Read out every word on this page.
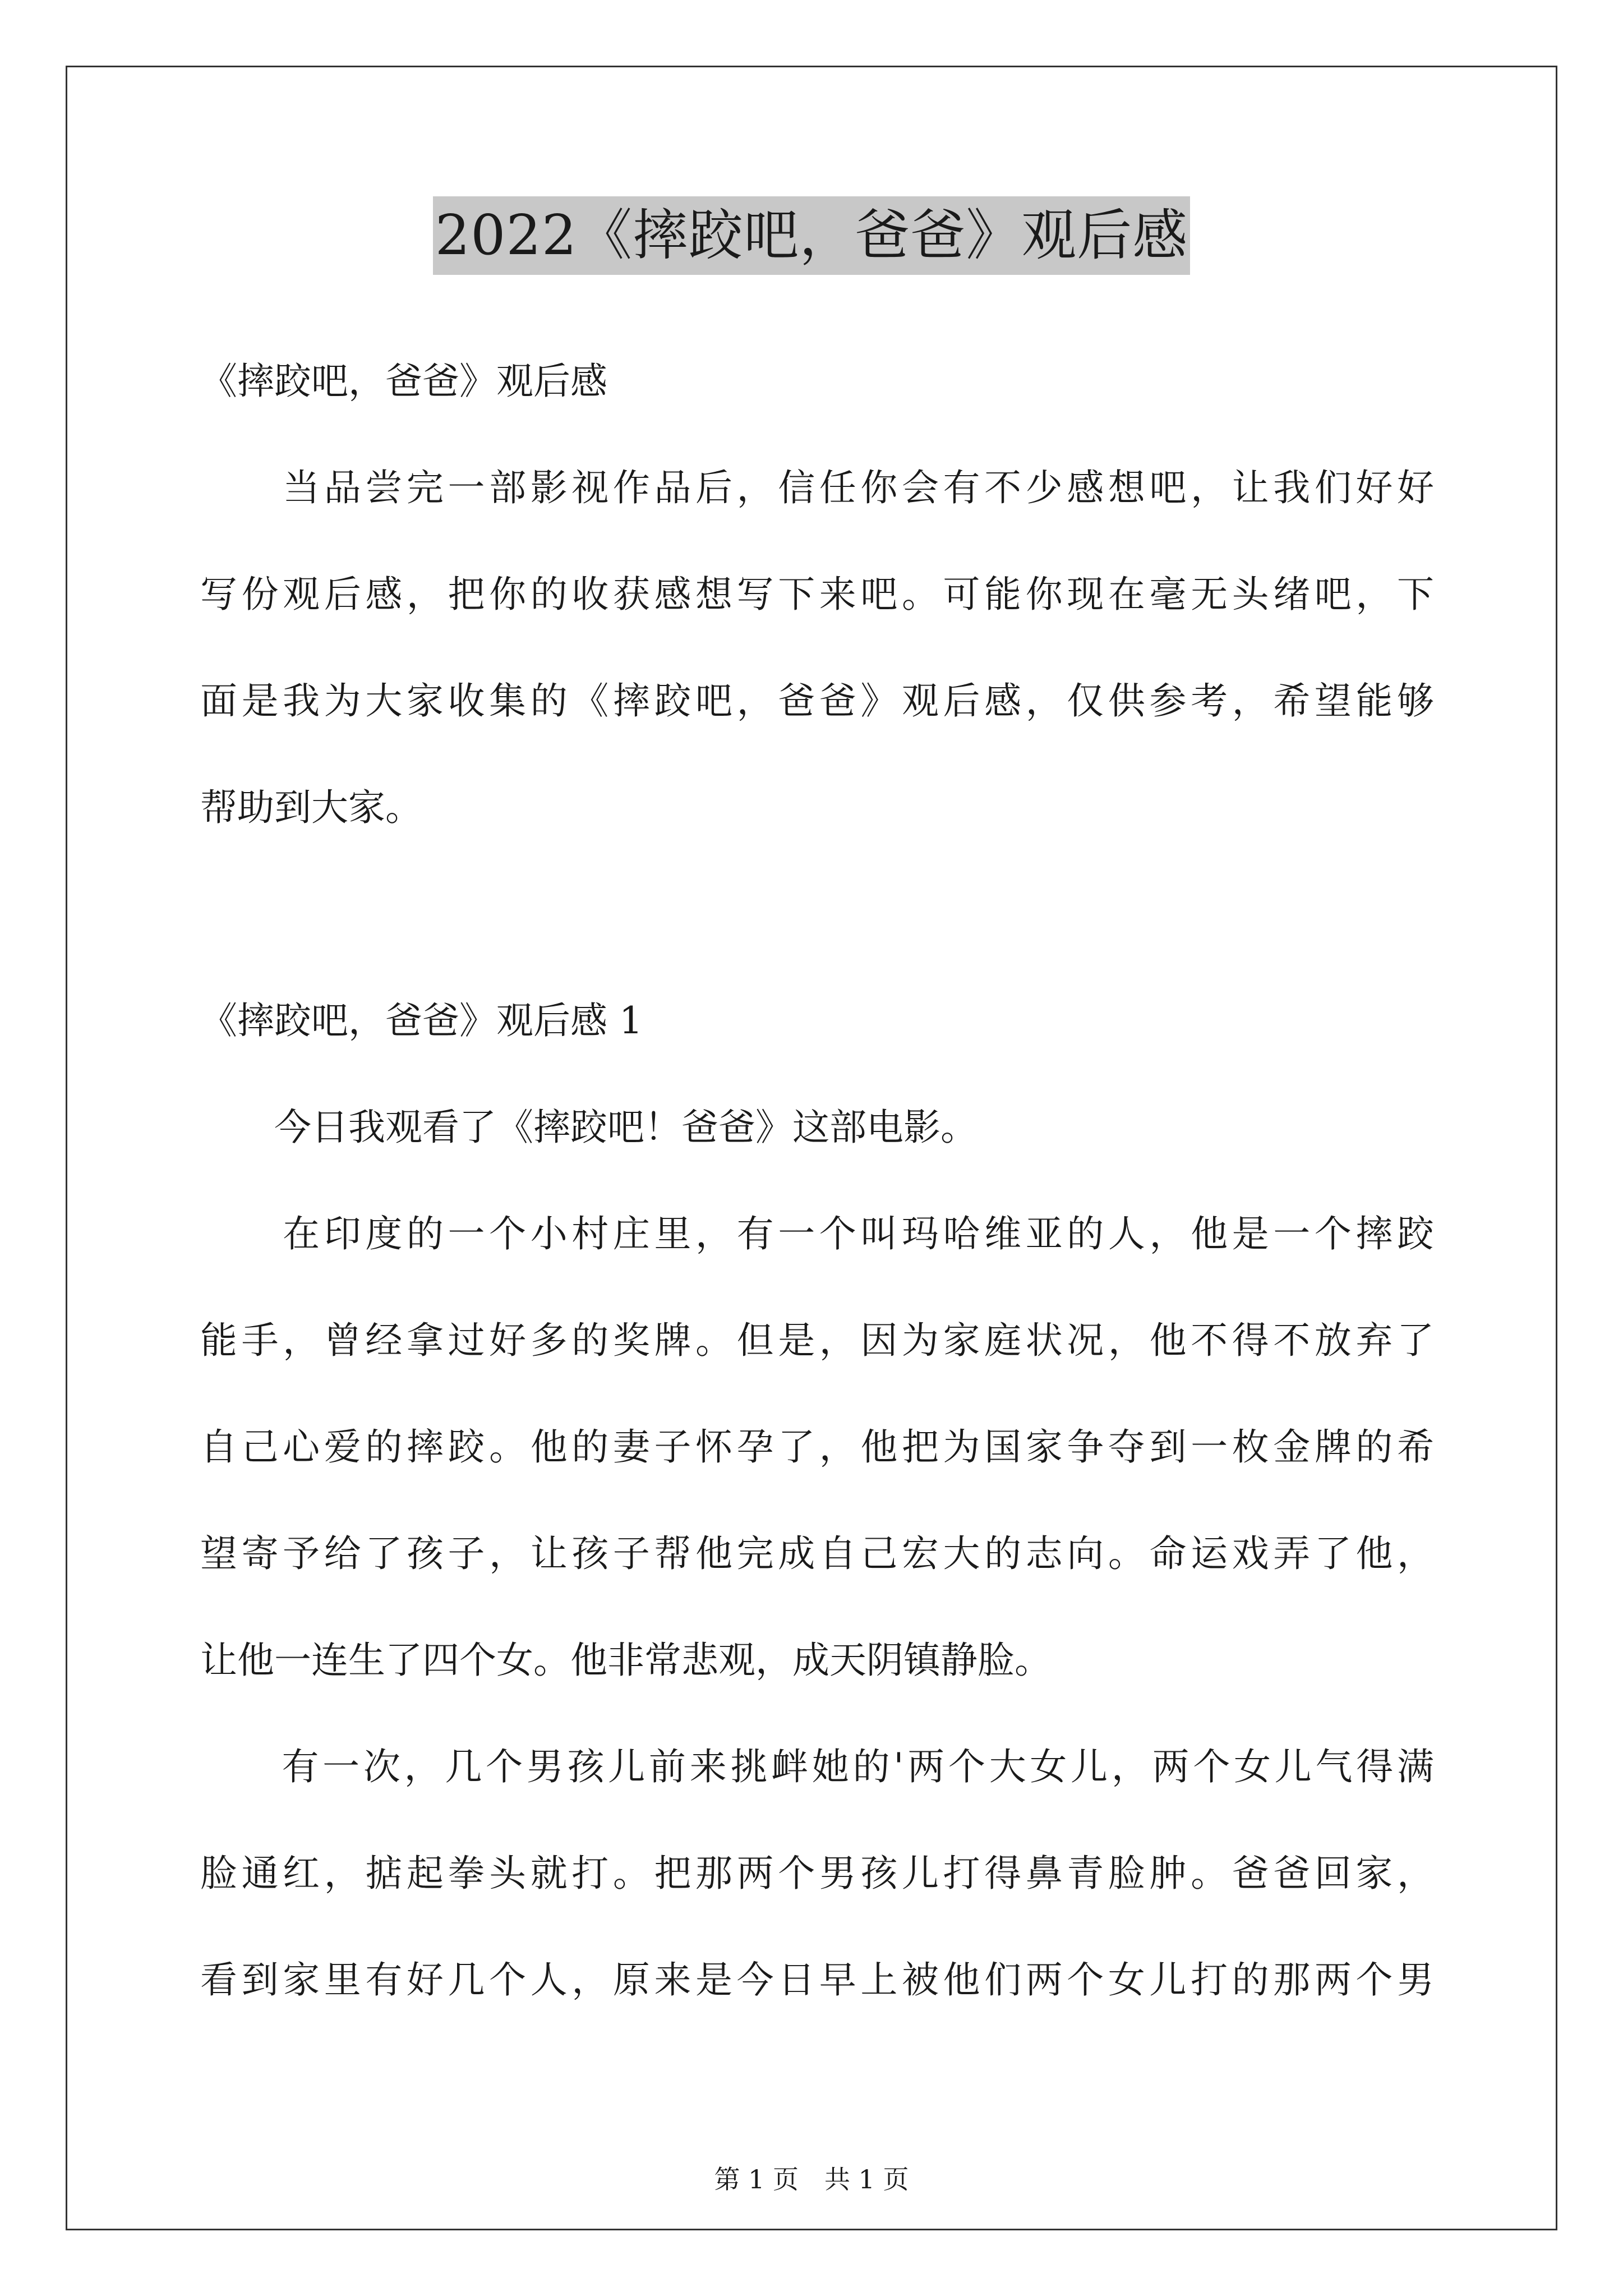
2022《摔跤吧，爸爸》观后感
《摔跤吧，爸爸》观后感
　　当品尝完一部影视作品后，信任你会有不少感想吧，让我们好好
写份观后感，把你的收获感想写下来吧。可能你现在毫无头绪吧，下
面是我为大家收集的《摔跤吧，爸爸》观后感，仅供参考，希望能够
帮助到大家。
《摔跤吧，爸爸》观后感 1
　　今日我观看了《摔跤吧！爸爸》这部电影。
　　在印度的一个小村庄里，有一个叫玛哈维亚的人，他是一个摔跤
能手，曾经拿过好多的奖牌。但是，因为家庭状况，他不得不放弃了
自己心爱的摔跤。他的妻子怀孕了，他把为国家争夺到一枚金牌的希
望寄予给了孩子，让孩子帮他完成自己宏大的志向。命运戏弄了他，
让他一连生了四个女。他非常悲观，成天阴镇静脸。
　　有一次，几个男孩儿前来挑衅她的'两个大女儿，两个女儿气得满
脸通红，掂起拳头就打。把那两个男孩儿打得鼻青脸肿。爸爸回家，
看到家里有好几个人，原来是今日早上被他们两个女儿打的那两个男
第 1 页　共 1 页
